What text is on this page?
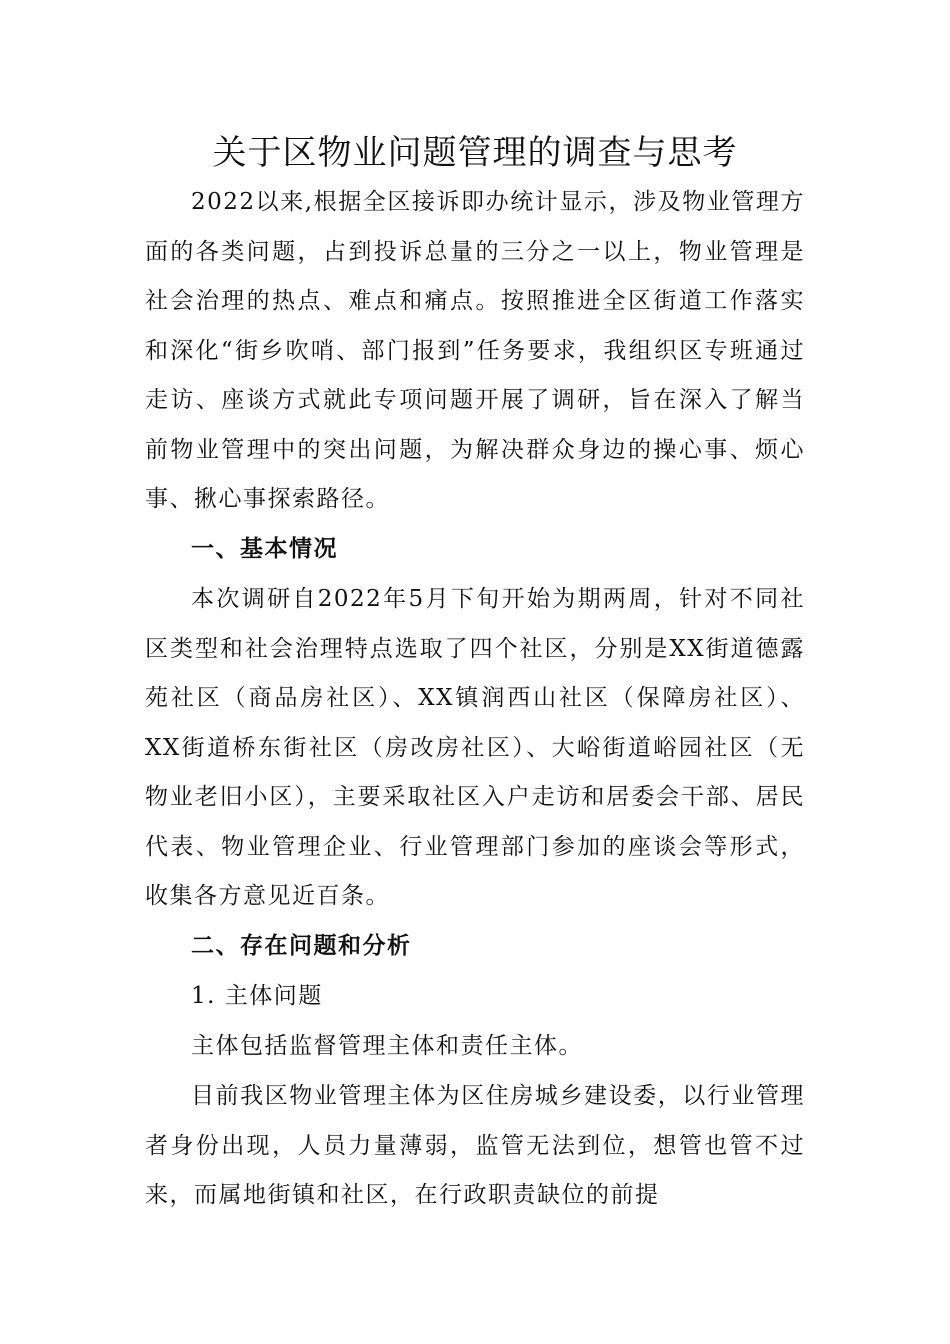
关于区物业问题管理的调查与思考

2022以来,根据全区接诉即办统计显示，涉及物业管理方面的各类问题，占到投诉总量的三分之一以上，物业管理是社会治理的热点、难点和痛点。按照推进全区街道工作落实和深化“街乡吹哨、部门报到”任务要求，我组织区专班通过走访、座谈方式就此专项问题开展了调研，旨在深入了解当前物业管理中的突出问题，为解决群众身边的操心事、烦心事、揪心事探索路径。

一、基本情况

本次调研自2022年5月下旬开始为期两周，针对不同社区类型和社会治理特点选取了四个社区，分别是XX街道德露苑社区（商品房社区）、XX镇润西山社区（保障房社区）、XX街道桥东街社区（房改房社区）、大峪街道峪园社区（无物业老旧小区），主要采取社区入户走访和居委会干部、居民代表、物业管理企业、行业管理部门参加的座谈会等形式，收集各方意见近百条。

二、存在问题和分析

1. 主体问题

主体包括监督管理主体和责任主体。

目前我区物业管理主体为区住房城乡建设委，以行业管理者身份出现，人员力量薄弱，监管无法到位，想管也管不过来，而属地街镇和社区，在行政职责缺位的前提
